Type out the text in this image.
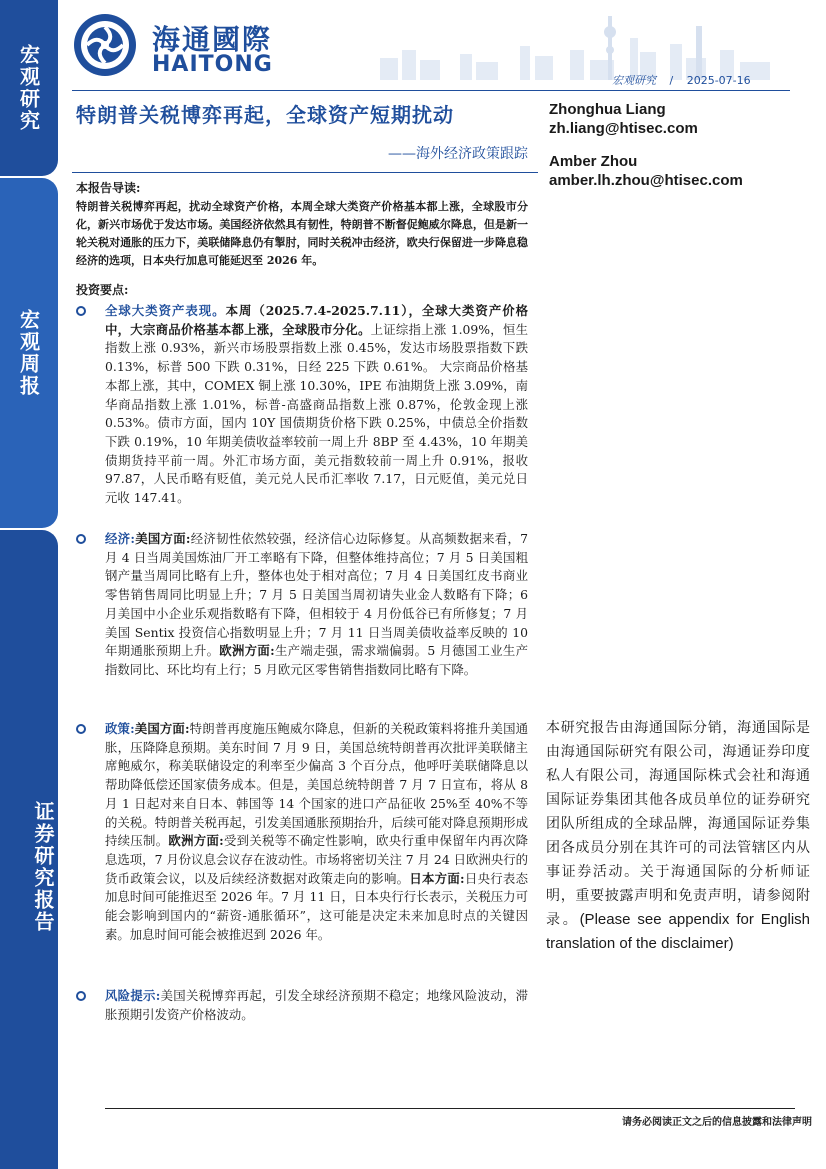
宏观研究
宏观周报
证券研究报告
海通國際
HAITONG
宏观研究 / 2025-07-16
特朗普关税博弈再起，全球资产短期扰动
——海外经济政策跟踪
Zhonghua Liang
zh.liang@htisec.com
Amber Zhou
amber.lh.zhou@htisec.com
本报告导读:

特朗普关税博弈再起，扰动全球资产价格，本周全球大类资产价格基本都上涨，全球股市分化，新兴市场优于发达市场。美国经济依然具有韧性，特朗普不断督促鲍威尔降息，但是新一轮关税对通胀的压力下，美联储降息仍有掣肘，同时关税冲击经济，欧央行保留进一步降息稳经济的选项，日本央行加息可能延迟至 2026 年。

投资要点:
全球大类资产表现。本周（2025.7.4-2025.7.11），全球大类资产价格中，大宗商品价格基本都上涨，全球股市分化。上证综指上涨 1.09%，恒生指数上涨 0.93%，新兴市场股票指数上涨 0.45%，发达市场股票指数下跌 0.13%，标普 500 下跌 0.31%，日经 225 下跌 0.61%。 大宗商品价格基本都上涨，其中，COMEX 铜上涨 10.30%，IPE 布油期货上涨 3.09%，南华商品指数上涨 1.01%，标普-高盛商品指数上涨 0.87%，伦敦金现上涨 0.53%。债市方面，国内 10Y 国债期货价格下跌 0.25%，中债总全价指数下跌 0.19%，10 年期美债收益率较前一周上升 8BP 至 4.43%，10 年期美债期货持平前一周。外汇市场方面，美元指数较前一周上升 0.91%，报收 97.87，人民币略有贬值，美元兑人民币汇率收 7.17，日元贬值，美元兑日元收 147.41。
经济:美国方面:经济韧性依然较强，经济信心边际修复。从高频数据来看，7 月 4 日当周美国炼油厂开工率略有下降，但整体维持高位；7 月 5 日美国粗钢产量当周同比略有上升，整体也处于相对高位；7 月 4 日美国红皮书商业零售销售周同比明显上升；7 月 5 日美国当周初请失业金人数略有下降；6 月美国中小企业乐观指数略有下降，但相较于 4 月份低谷已有所修复；7 月美国 Sentix 投资信心指数明显上升；7 月 11 日当周美债收益率反映的 10 年期通胀预期上升。欧洲方面:生产端走强，需求端偏弱。5 月德国工业生产指数同比、环比均有上行；5 月欧元区零售销售指数同比略有下降。
政策:美国方面:特朗普再度施压鲍威尔降息，但新的关税政策料将推升美国通胀，压降降息预期。美东时间 7 月 9 日，美国总统特朗普再次批评美联储主席鲍威尔，称美联储设定的利率至少偏高 3 个百分点，他呼吁美联储降息以帮助降低偿还国家债务成本。但是，美国总统特朗普 7 月 7 日宣布，将从 8 月 1 日起对来自日本、韩国等 14 个国家的进口产品征收 25%至 40%不等的关税。特朗普关税再起，引发美国通胀预期抬升，后续可能对降息预期形成持续压制。欧洲方面:受到关税等不确定性影响，欧央行重申保留年内再次降息选项，7 月份议息会议存在波动性。市场将密切关注 7 月 24 日欧洲央行的货币政策会议，以及后续经济数据对政策走向的影响。日本方面:日央行表态加息时间可能推迟至 2026 年。7 月 11 日，日本央行行长表示，关税压力可能会影响到国内的“薪资-通胀循环”，这可能是决定未来加息时点的关键因素。加息时间可能会被推迟到 2026 年。
风险提示:美国关税博弈再起，引发全球经济预期不稳定；地缘风险波动，滞胀预期引发资产价格波动。

本研究报告由海通国际分销，海通国际是由海通国际研究有限公司，海通证券印度私人有限公司，海通国际株式会社和海通国际证券集团其他各成员单位的证券研究团队所组成的全球品牌，海通国际证券集团各成员分别在其许可的司法管辖区内从事证券活动。关于海通国际的分析师证明，重要披露声明和免责声明，请参阅附录。(Please see appendix for English translation of the disclaimer)

请务必阅读正文之后的信息披露和法律声明
